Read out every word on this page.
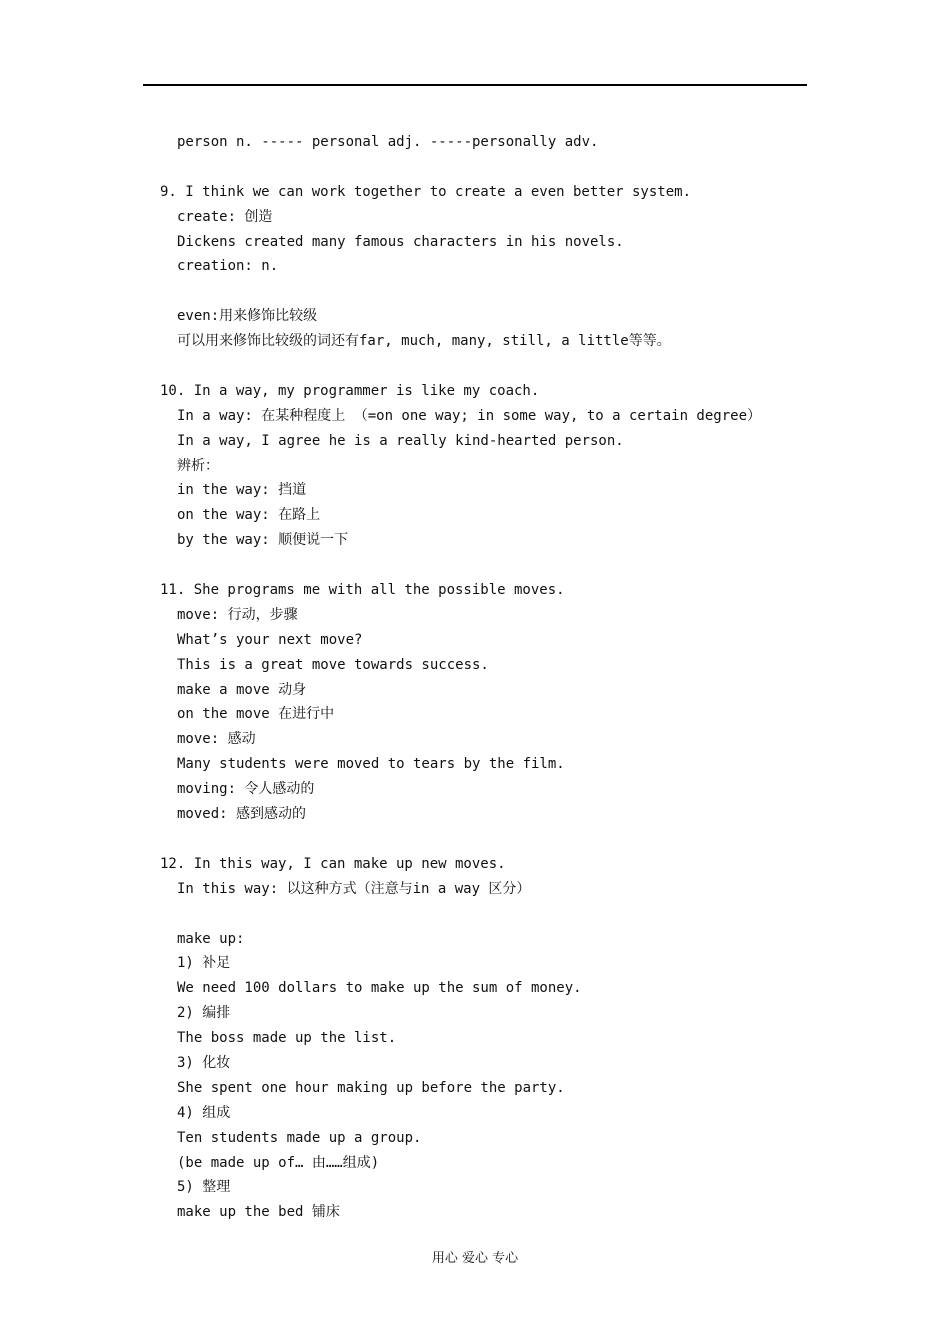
person n. ----- personal adj. -----personally adv.
9. I think we can work together to create a even better system.
create: 创造
Dickens created many famous characters in his novels.
creation: n.
even:用来修饰比较级
可以用来修饰比较级的词还有far, much, many, still, a little等等。
10. In a way, my programmer is like my coach.
In a way: 在某种程度上 （=on one way; in some way, to a certain degree）
In a way, I agree he is a really kind-hearted person.
辨析：
in the way: 挡道
on the way: 在路上
by the way: 顺便说一下
11. She programs me with all the possible moves.
move: 行动，步骤
What’s your next move?
This is a great move towards success.
make a move 动身
on the move 在进行中
move: 感动
Many students were moved to tears by the film.
moving: 令人感动的
moved: 感到感动的
12. In this way, I can make up new moves.
In this way: 以这种方式（注意与in a way 区分）
make up:
1) 补足
We need 100 dollars to make up the sum of money.
2) 编排
The boss made up the list.
3) 化妆
She spent one hour making up before the party.
4) 组成
Ten students made up a group.
(be made up of… 由……组成)
5) 整理
make up the bed 铺床
用心 爱心 专心
